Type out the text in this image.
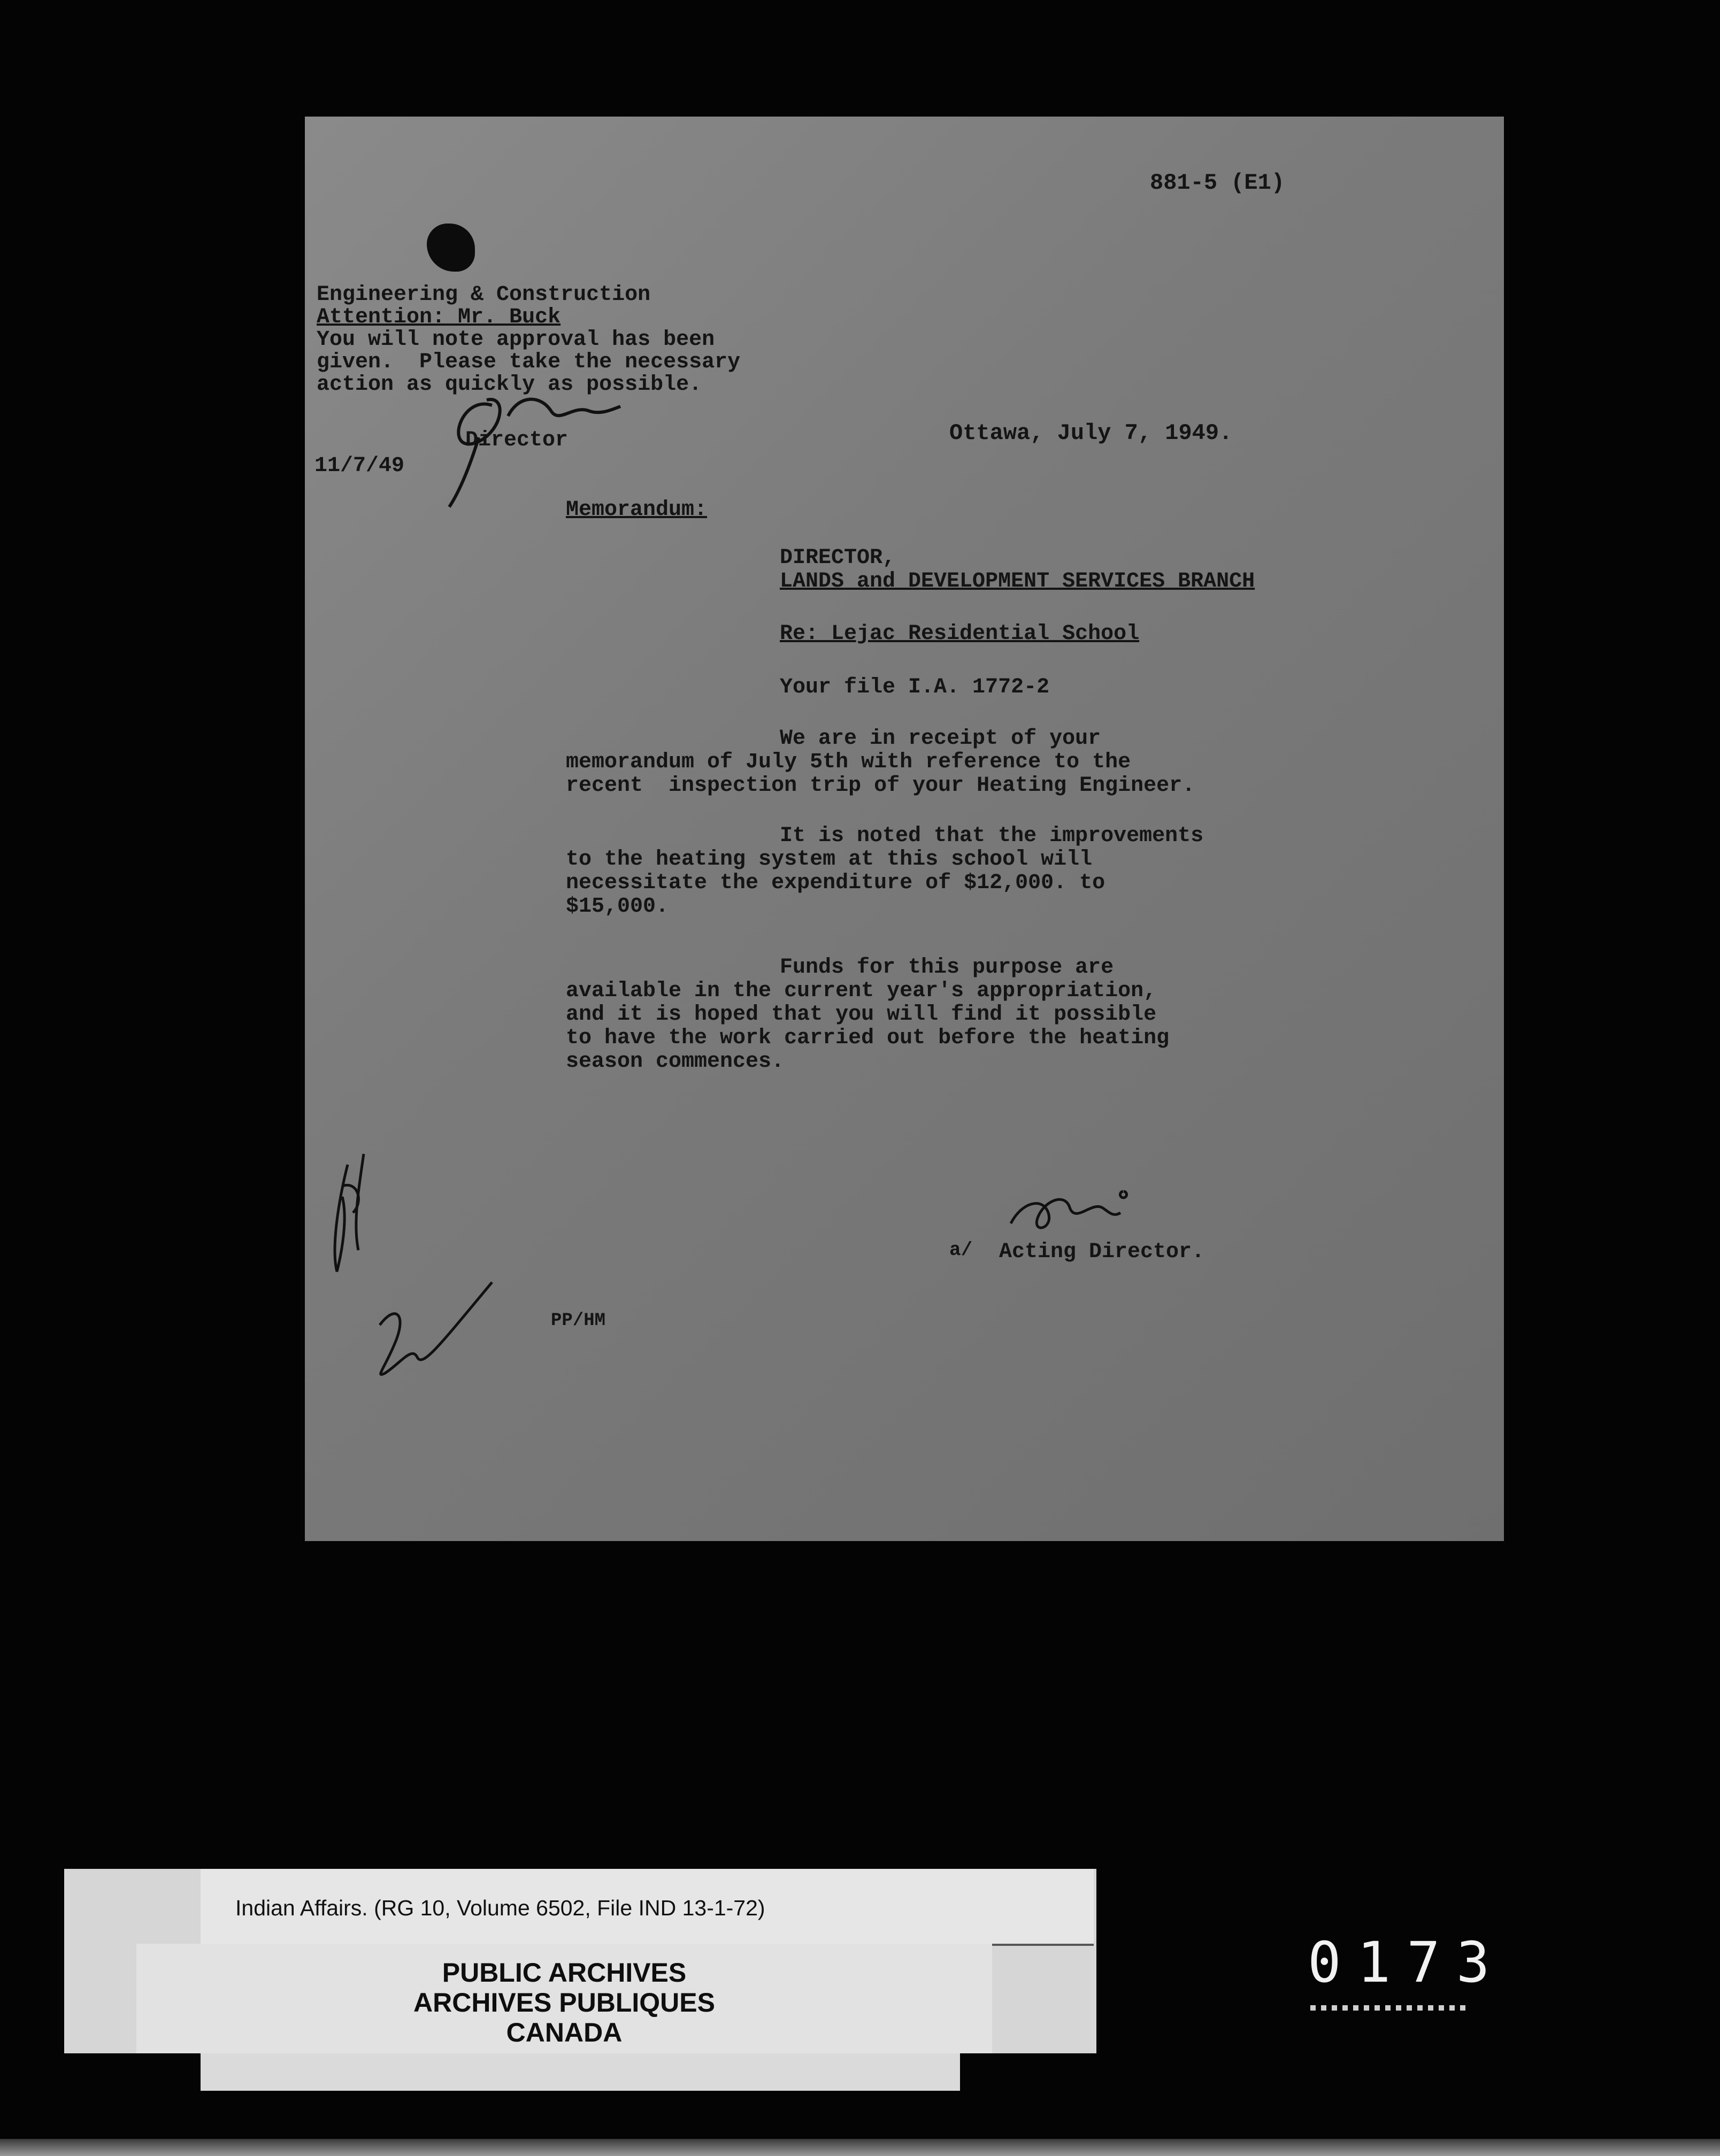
881-5 (E1)
Engineering & Construction
Attention: Mr. Buck
You will note approval has been
given.  Please take the necessary
action as quickly as possible.
Director
11/7/49
Ottawa, July 7, 1949.
Memorandum:
DIRECTOR,
LANDS and DEVELOPMENT SERVICES BRANCH
Re: Lejac Residential School
Your file I.A. 1772-2
We are in receipt of your
memorandum of July 5th with reference to the
recent  inspection trip of your Heating Engineer.
It is noted that the improvements
to the heating system at this school will
necessitate the expenditure of $12,000. to
$15,000.
Funds for this purpose are
available in the current year's appropriation,
and it is hoped that you will find it possible
to have the work carried out before the heating
season commences.
a/ Acting Director.
PP/HM
Indian Affairs. (RG 10, Volume 6502, File IND 13-1-72)
PUBLIC ARCHIVES
ARCHIVES PUBLIQUES
CANADA
0173
